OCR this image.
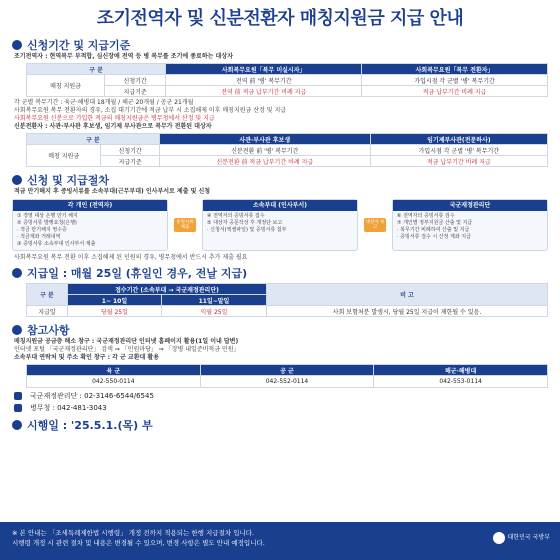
조기전역자 및 신분전환자 매칭지원금 지급 안내
신청기간 및 지급기준
조기전역자 : 현역복무 부적합, 심신장애 전역 등 병 복무를 조기에 종료하는 대상자
구 분		사회복무요원「복무 미실시자」	사회복무요원「복무 전환자」
매칭 지원금	신청기간	전역 前 '병' 복무기간	가입시점 각 군별 '병' 복무기간
	지급기준	전역 前 적금 납부기간 비례 지급	적금 납부기간 비례 지급
각 군별 복무기간 : 육군·해병대 18개월 / 해군 20개월 / 공군 21개월
사회복무요원 복무 전환자의 경우, 소집 대기기간에 적금 납부 시 소집해제 이후 매칭지원금 산정 및 지급
사회복무요원 신분으로 가입한 적금의 매칭지원금은 병무청에서 산정 및 지급
신분전환자 : 사관·부사관 후보생, 임기제 부사관으로 복무가 전환된 대상자
구 분		사관·부사관 후보생	임기제부사관(전문하사)
매칭 지원금	신청기간	신분전환 前 '병' 복무기간	가입시점 각 군별 '병' 복무기간
	지급기준	신분전환 前 적금 납부기간 비례 지급	적금 납부기간 비례 지급
신청 및 지급절차
적금 만기해지 후 증빙서류를 소속부대(근무부대) 인사부서로 제출 및 신청
각 개인 (전역자)
① 경영 대상 은행 만기 해지
② 증빙서류 발행요청(은행)
· 적금 만기해지 영수증
· 적금계좌 거래내역
③ 증빙서류 소속부대 인사부서 제출
증빙서류 제출
소속부대 (인사부서)
④ 전역자의 증빙서류 접수
⑤ 대상자 공문작성 후 개정단 보고
· 신청서(엑셀파일) 및 증빙서류 첨부
대상자 보고
국군재정관리단
⑥ 전역자의 증빙서류 검수
⑦ 개인별 정부지원금 산출 및 지급
· 복무기간 비례하여 산출 및 지급
· 증빙서류 검수 시 산정 계좌 지급
사회복무요원 복무 전환 이후 소집해제 된 인원의 경우, 병무청에서 반드시 추가 제출 필요
지급일 : 매월 25일 (휴일인 경우, 전날 지급)
구 분	접수기간 (소속부대 → 국군재정관리단)		비 고
	1~ 10일	11일~말일	
지급일	당월 25일	익월 25일	사회 보험처분 발생시, 당월 25일 지급이 제한될 수 있음.
참고사항
매칭지원금 공금층 해소 창구 : 국군재정관리단 인터넷 홈페이지 활용(1일 이내 답변)
인터넷 포털 「국군재정관리단」 검색 ⇒ 「민원마당」 ⇒ 「장병 내일준비적금 민원」
소속부대 연락처 및 주소 확인 창구 : 각 군 교환대 활용
육 군	공 군	해군·해병대
042-550-0114	042-552-0114	042-553-0114
국군재정관리단 : 02-3146-6544/6545
병무청 : 042-481-3043
시행일 : '25.5.1.(목) 부
※ 본 안내는 「조세특례제한법 시행령」 개정 전까지 적용되는 한행 지급절차 입니다.
시행령 개정 시 관련 절차 및 내용은 변경될 수 있으며, 변경 사항은 별도 안내 예정입니다.
대한민국 국방부
